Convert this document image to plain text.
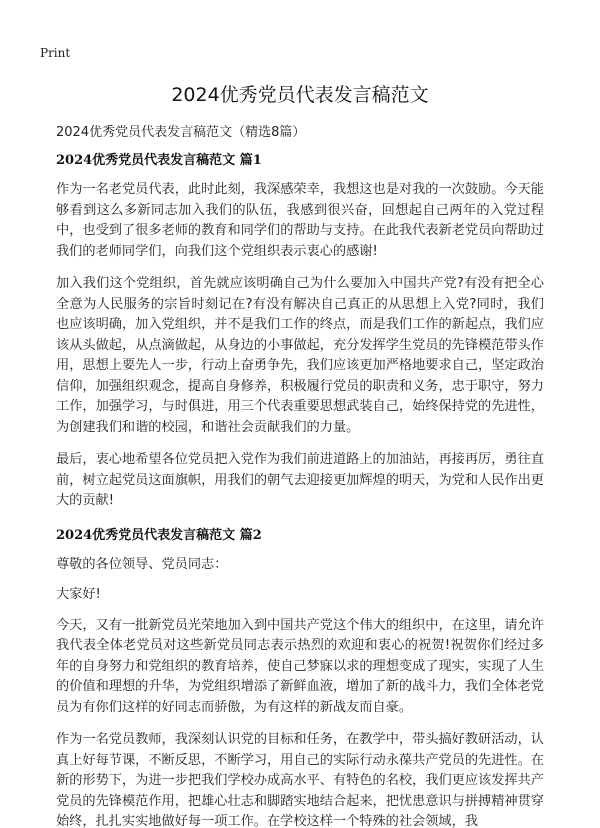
Print
2024优秀党员代表发言稿范文
2024优秀党员代表发言稿范文（精选8篇）
2024优秀党员代表发言稿范文 篇1

作为一名老党员代表，此时此刻，我深感荣幸，我想这也是对我的一次鼓励。今天能够看到这么多新同志加入我们的队伍，我感到很兴奋，回想起自己两年的入党过程中，也受到了很多老师的教育和同学们的帮助与支持。在此我代表新老党员向帮助过我们的老师同学们，向我们这个党组织表示衷心的感谢!

加入我们这个党组织，首先就应该明确自己为什么要加入中国共产党?有没有把全心全意为人民服务的宗旨时刻记在?有没有解决自己真正的从思想上入党?同时，我们也应该明确，加入党组织，并不是我们工作的终点，而是我们工作的新起点，我们应该从头做起，从点滴做起，从身边的小事做起，充分发挥学生党员的先锋模范带头作用，思想上要先人一步，行动上奋勇争先，我们应该更加严格地要求自己，坚定政治信仰，加强组织观念，提高自身修养，积极履行党员的职责和义务，忠于职守，努力工作，加强学习，与时俱进，用三个代表重要思想武装自己，始终保持党的先进性，为创建我们和谐的校园，和谐社会贡献我们的力量。

最后，衷心地希望各位党员把入党作为我们前进道路上的加油站，再接再厉，勇往直前，树立起党员这面旗帜，用我们的朝气去迎接更加辉煌的明天，为党和人民作出更大的贡献!

2024优秀党员代表发言稿范文 篇2

尊敬的各位领导、党员同志：

大家好!

今天，又有一批新党员光荣地加入到中国共产党这个伟大的组织中，在这里，请允许我代表全体老党员对这些新党员同志表示热烈的欢迎和衷心的祝贺!祝贺你们经过多年的自身努力和党组织的教育培养，使自己梦寐以求的理想变成了现实，实现了人生的价值和理想的升华，为党组织增添了新鲜血液，增加了新的战斗力，我们全体老党员为有你们这样的好同志而骄傲，为有这样的新战友而自豪。

作为一名党员教师，我深刻认识党的目标和任务，在教学中，带头搞好教研活动，认真上好每节课，不断反思，不断学习，用自己的实际行动永葆共产党员的先进性。在新的形势下，为进一步把我们学校办成高水平、有特色的名校，我们更应该发挥共产党员的先锋模范作用，把雄心壮志和脚踏实地结合起来，把忧患意识与拼搏精神贯穿始终，扎扎实实地做好每一项工作。在学校这样一个特殊的社会领域，我
